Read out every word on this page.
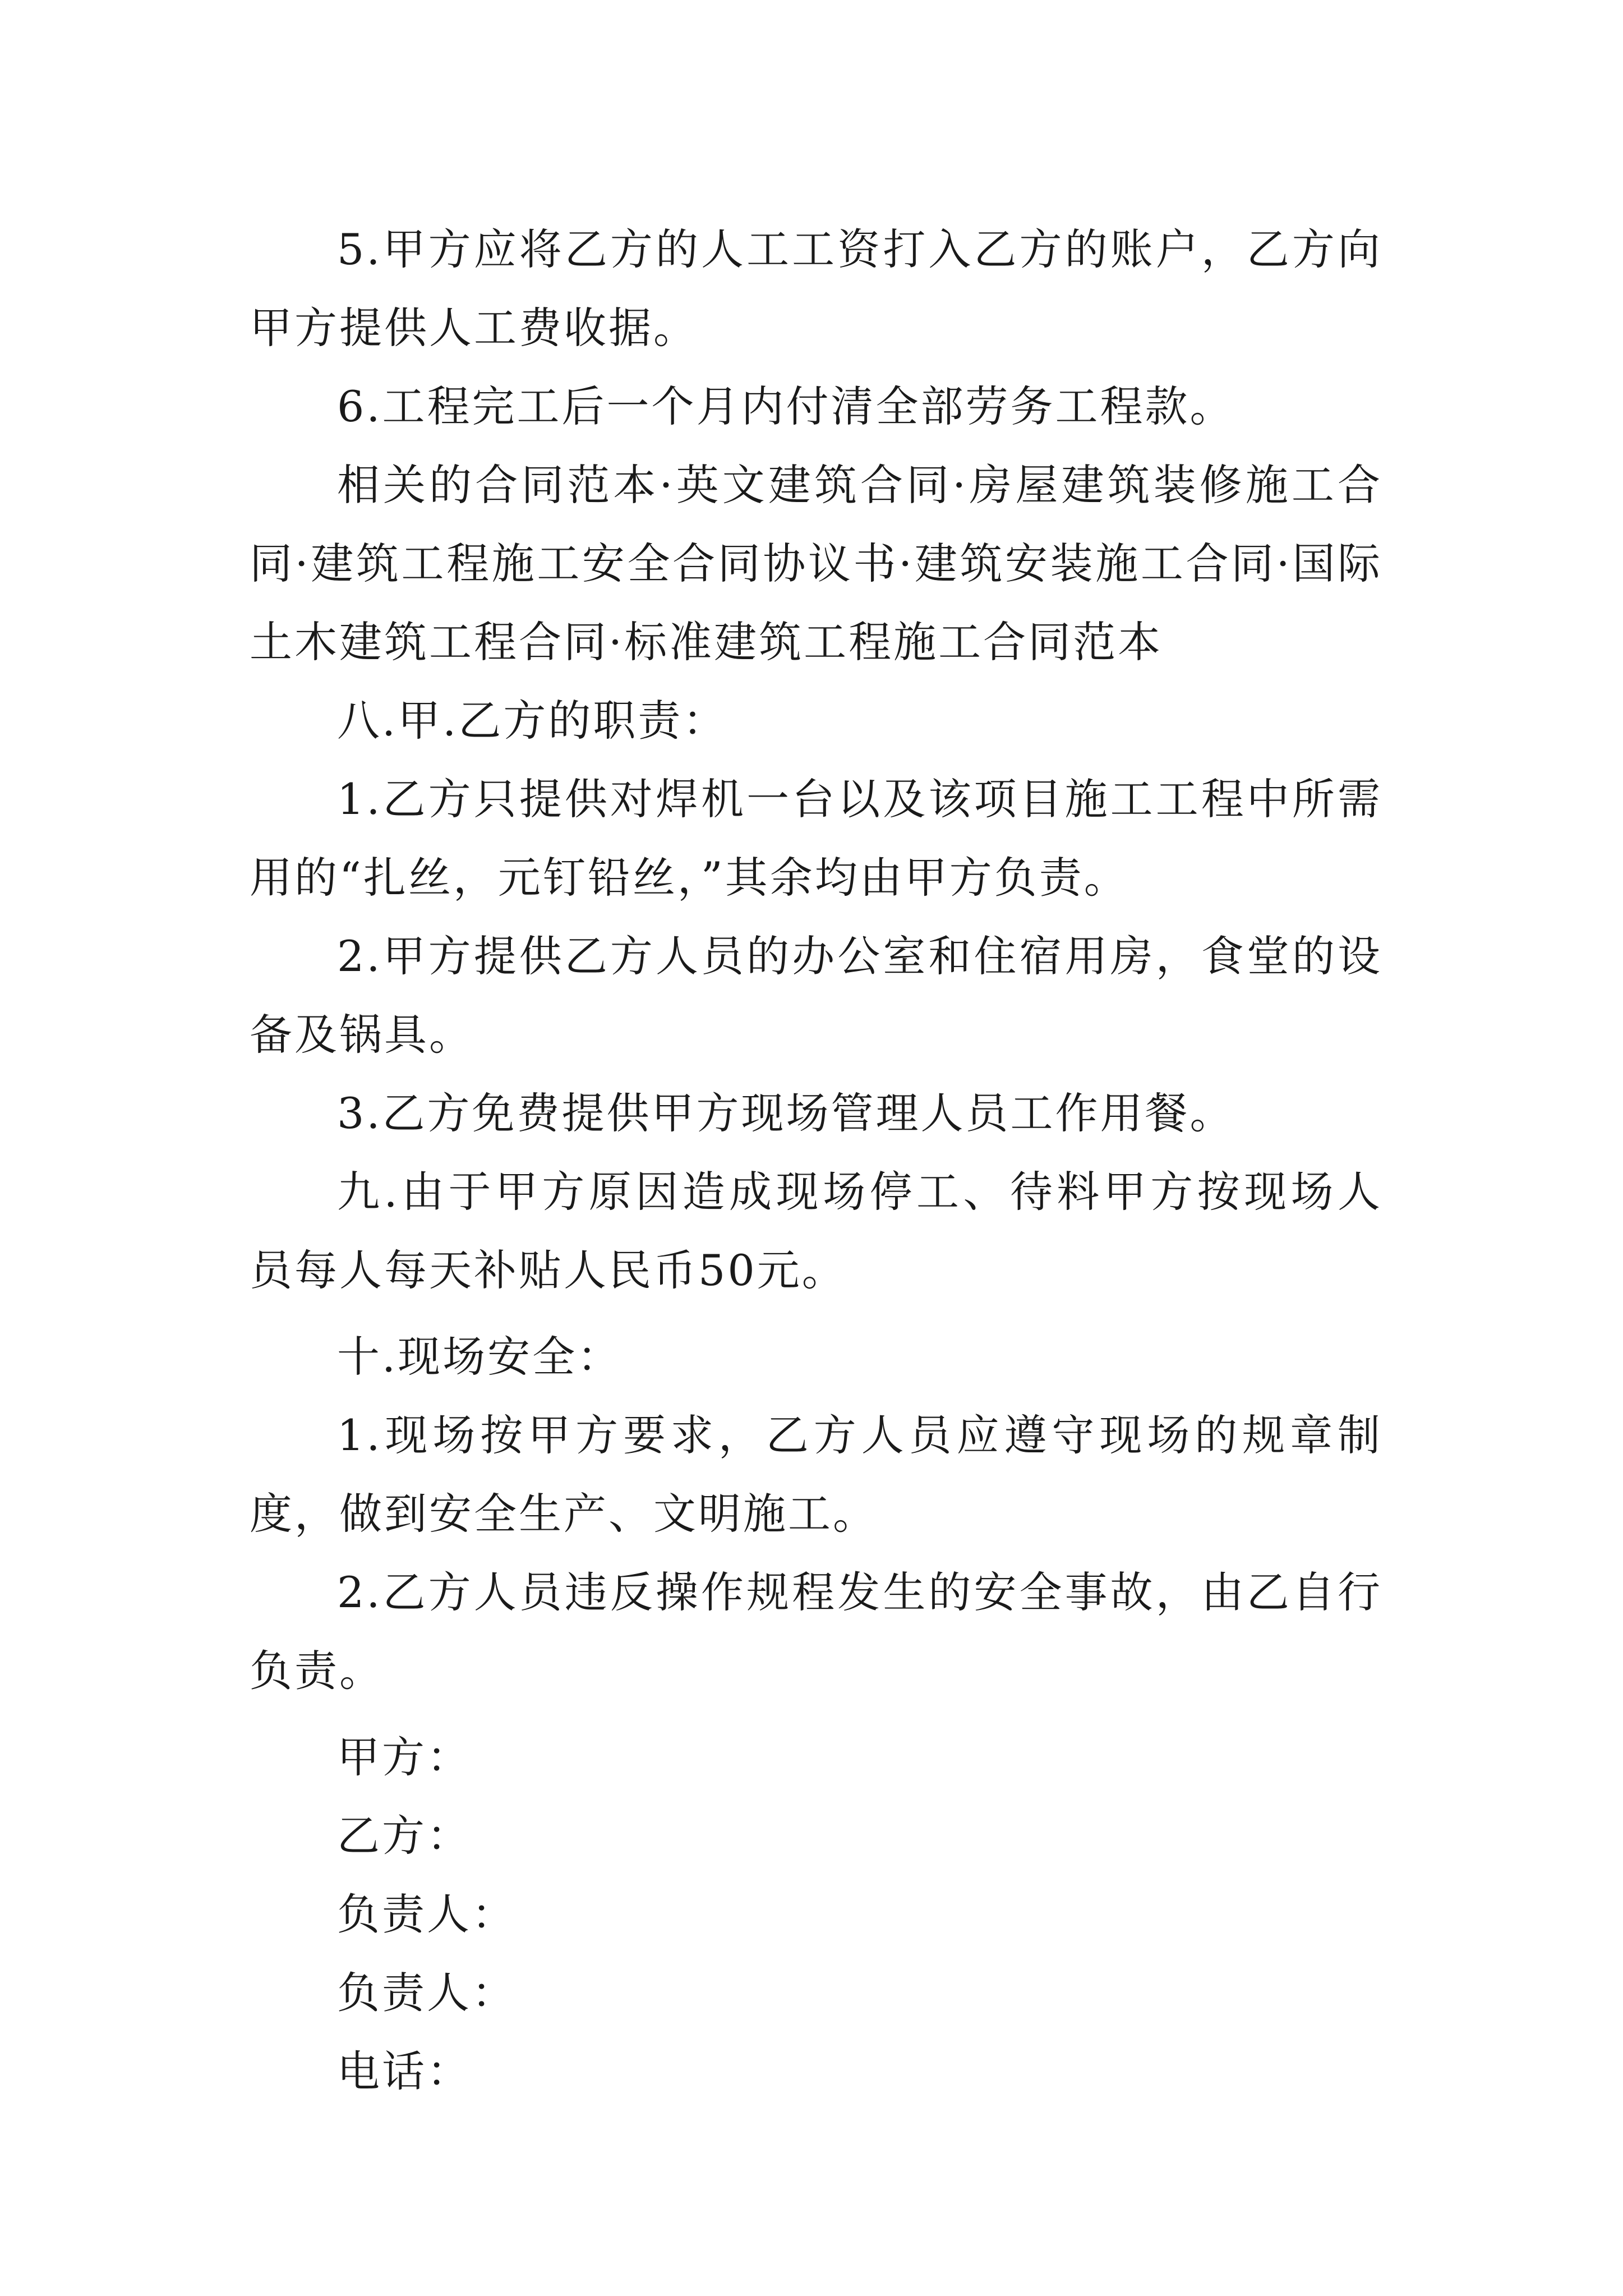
5.甲方应将乙方的人工工资打入乙方的账户，乙方向甲方提供人工费收据。

6.工程完工后一个月内付清全部劳务工程款。

相关的合同范本·英文建筑合同·房屋建筑装修施工合同·建筑工程施工安全合同协议书·建筑安装施工合同·国际土木建筑工程合同·标准建筑工程施工合同范本

八.甲.乙方的职责：

1.乙方只提供对焊机一台以及该项目施工工程中所需用的“扎丝，元钉铅丝，”其余均由甲方负责。

2.甲方提供乙方人员的办公室和住宿用房，食堂的设备及锅具。

3.乙方免费提供甲方现场管理人员工作用餐。

九.由于甲方原因造成现场停工、待料甲方按现场人员每人每天补贴人民币50元。

十.现场安全：

1.现场按甲方要求，乙方人员应遵守现场的规章制度，做到安全生产、文明施工。

2.乙方人员违反操作规程发生的安全事故，由乙自行负责。

甲方：

乙方：

负责人：

负责人：

电话：
